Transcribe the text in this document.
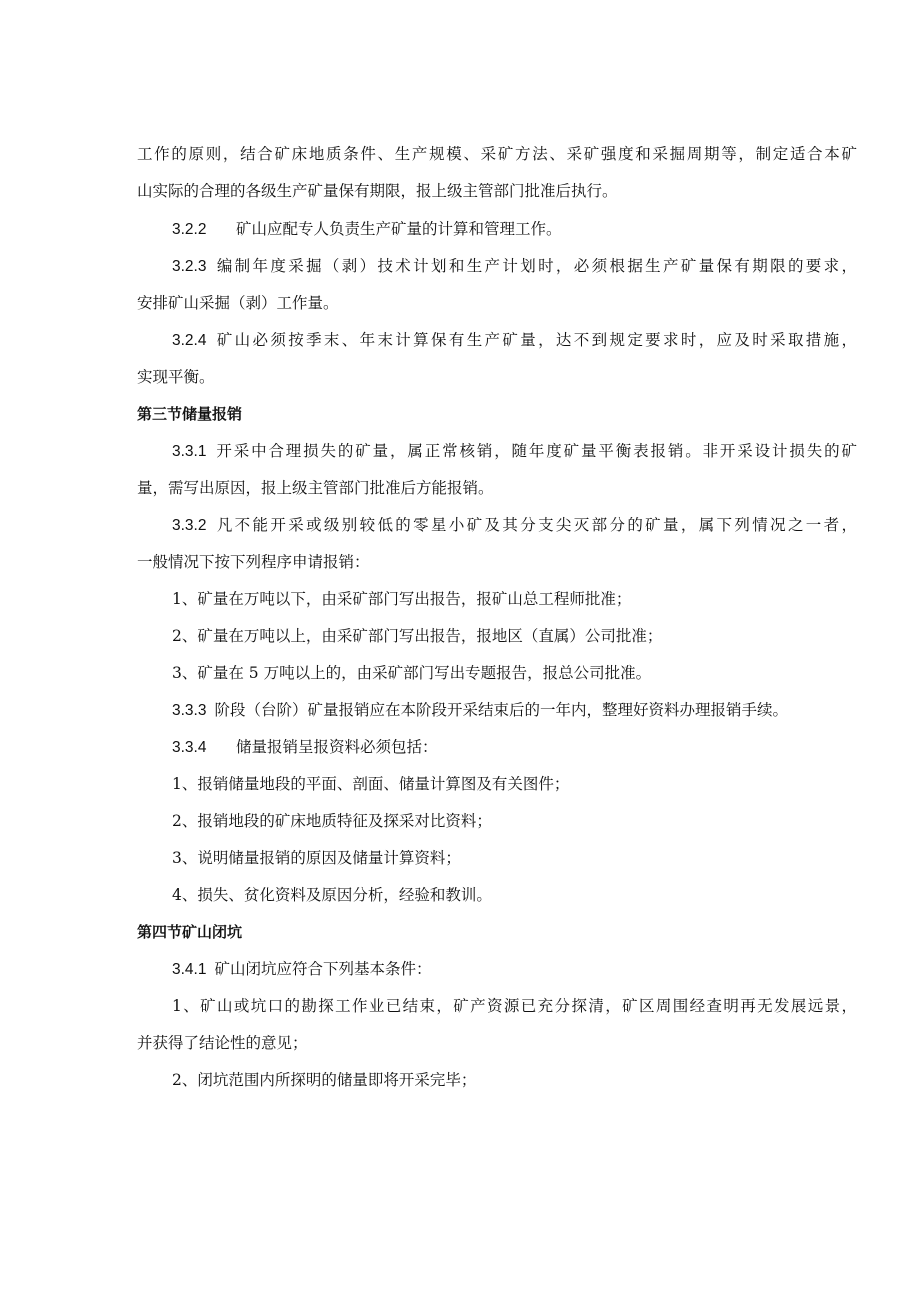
工作的原则，结合矿床地质条件、生产规模、采矿方法、采矿强度和采掘周期等，制定适合本矿
山实际的合理的各级生产矿量保有期限，报上级主管部门批准后执行。
3.2.2 矿山应配专人负责生产矿量的计算和管理工作。
3.2.3 编制年度采掘（剥）技术计划和生产计划时，必须根据生产矿量保有期限的要求，
安排矿山采掘（剥）工作量。
3.2.4 矿山必须按季末、年末计算保有生产矿量，达不到规定要求时，应及时采取措施，
实现平衡。
第三节储量报销
3.3.1 开采中合理损失的矿量，属正常核销，随年度矿量平衡表报销。非开采设计损失的矿
量，需写出原因，报上级主管部门批准后方能报销。
3.3.2 凡不能开采或级别较低的零星小矿及其分支尖灭部分的矿量，属下列情况之一者，
一般情况下按下列程序申请报销：
1、矿量在万吨以下，由采矿部门写出报告，报矿山总工程师批准；
2、矿量在万吨以上，由采矿部门写出报告，报地区（直属）公司批准；
3、矿量在 5 万吨以上的，由采矿部门写出专题报告，报总公司批准。
3.3.3 阶段（台阶）矿量报销应在本阶段开采结束后的一年内，整理好资料办理报销手续。
3.3.4 储量报销呈报资料必须包括：
1、报销储量地段的平面、剖面、储量计算图及有关图件；
2、报销地段的矿床地质特征及探采对比资料；
3、说明储量报销的原因及储量计算资料；
4、损失、贫化资料及原因分析，经验和教训。
第四节矿山闭坑
3.4.1 矿山闭坑应符合下列基本条件：
1、矿山或坑口的勘探工作业已结束，矿产资源已充分探清，矿区周围经查明再无发展远景，
并获得了结论性的意见；
2、闭坑范围内所探明的储量即将开采完毕；
